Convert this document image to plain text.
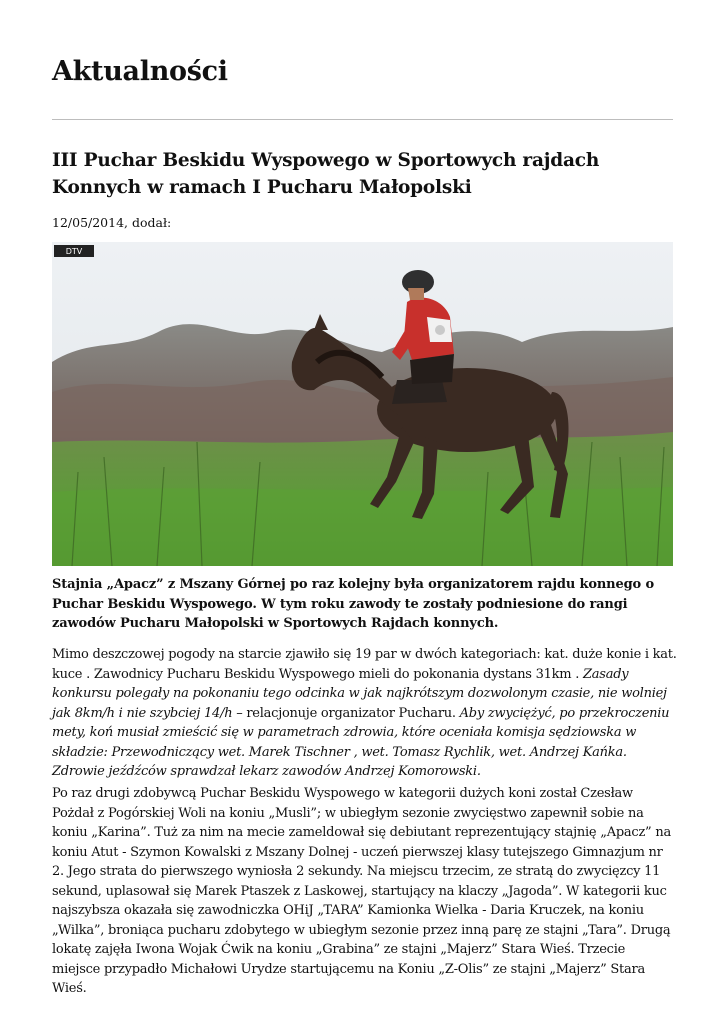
Aktualności
III Puchar Beskidu Wyspowego w Sportowych rajdach Konnych w ramach I Pucharu Małopolski
12/05/2014, dodał:
DTV

Stajnia „Apacz” z Mszany Górnej po raz kolejny była organizatorem rajdu konnego o Puchar Beskidu Wyspowego. W tym roku zawody te zostały podniesione do rangi zawodów Pucharu Małopolski w Sportowych Rajdach konnych.

Mimo deszczowej pogody na starcie zjawiło się 19 par w dwóch kategoriach: kat. duże konie i kat. kuce . Zawodnicy Pucharu Beskidu Wyspowego mieli do pokonania dystans 31km . Zasady konkursu polegały na pokonaniu tego odcinka w jak najkrótszym dozwolonym czasie, nie wolniej jak 8km/h i nie szybciej 14/h – relacjonuje organizator Pucharu. Aby zwyciężyć, po przekroczeniu mety, koń musiał zmieścić się w parametrach zdrowia, które oceniała komisja sędziowska w składzie: Przewodniczący wet. Marek Tischner , wet. Tomasz Rychlik, wet. Andrzej Kańka. Zdrowie jeźdźców sprawdzał lekarz zawodów Andrzej Komorowski.

Po raz drugi zdobywcą Puchar Beskidu Wyspowego w kategorii dużych koni został Czesław Pożdał z Pogórskiej Woli na koniu „Musli”; w ubiegłym sezonie zwycięstwo zapewnił sobie na koniu „Karina”. Tuż za nim na mecie zameldował się debiutant reprezentujący stajnię „Apacz” na koniu Atut - Szymon Kowalski z Mszany Dolnej - uczeń pierwszej klasy tutejszego Gimnazjum nr 2. Jego strata do pierwszego wyniosła 2 sekundy. Na miejscu trzecim, ze stratą do zwycięzcy 11 sekund, uplasował się Marek Ptaszek z Laskowej, startujący na klaczy „Jagoda”. W kategorii kuc najszybsza okazała się zawodniczka OHiJ „TARA” Kamionka Wielka - Daria Kruczek, na koniu „Wilka”, broniąca pucharu zdobytego w ubiegłym sezonie przez inną parę ze stajni „Tara”. Drugą lokatę zajęła Iwona Wojak Ćwik na koniu „Grabina” ze stajni „Majerz” Stara Wieś. Trzecie miejsce przypadło Michałowi Urydze startującemu na Koniu „Z-Olis” ze stajni „Majerz” Stara Wieś.
